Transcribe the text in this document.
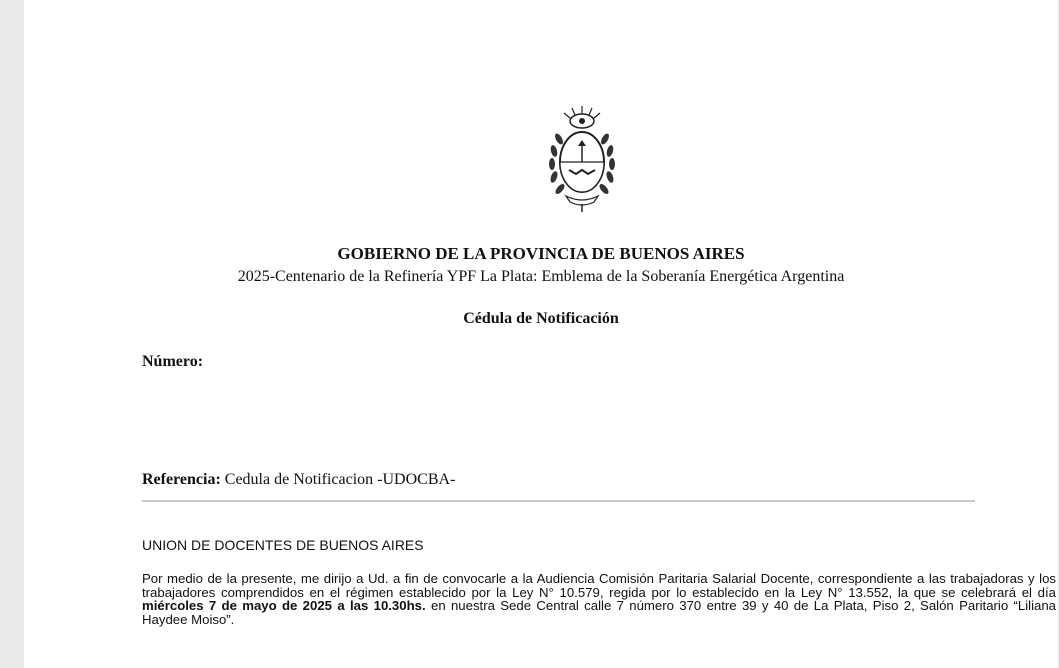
GOBIERNO DE LA PROVINCIA DE BUENOS AIRES
2025-Centenario de la Refinería YPF La Plata: Emblema de la Soberanía Energética Argentina
Cédula de Notificación
Número:
Referencia: Cedula de Notificacion -UDOCBA-
UNION DE DOCENTES DE BUENOS AIRES
Por medio de la presente, me dirijo a Ud. a fin de convocarle a la Audiencia Comisión Paritaria Salarial Docente, correspondiente a las trabajadoras y los trabajadores comprendidos en el régimen establecido por la Ley N° 10.579, regida por lo establecido en la Ley N° 13.552, la que se celebrará el día miércoles 7 de mayo de 2025 a las 10.30hs. en nuestra Sede Central calle 7 número 370 entre 39 y 40 de La Plata, Piso 2, Salón Paritario “Liliana Haydee Moiso”.
